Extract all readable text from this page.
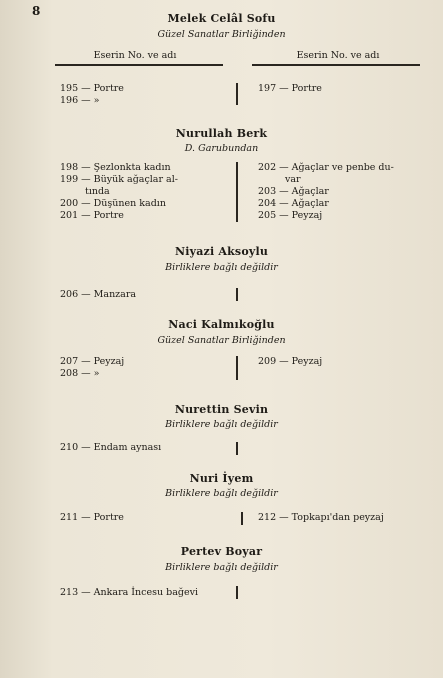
8
Melek Celâl Sofu
Güzel Sanatlar Birliğinden
Eserin No. ve adı	Eserin No. ve adı
195 — Portre
196 — »
197 — Portre
Nurullah Berk
D. Garubundan
198 — Şezlonkta kadın
199 — Büyük ağaçlar al-
tında
200 — Düşünen kadın
201 — Portre
202 — Ağaçlar ve penbe du-
var
203 — Ağaçlar
204 — Ağaçlar
205 — Peyzaj
Niyazi Aksoylu
Birliklere bağlı değildir
206 — Manzara
Naci Kalmıkoğlu
Güzel Sanatlar Birliğinden
207 — Peyzaj
208 — »
209 — Peyzaj
Nurettin Sevin
Birliklere bağlı değildir
210 — Endam aynası
Nuri İyem
Birliklere bağlı değildir
211 — Portre	212 — Topkapı'dan peyzaj
Pertev Boyar
Birliklere bağlı değildir
213 — Ankara İncesu bağevi
